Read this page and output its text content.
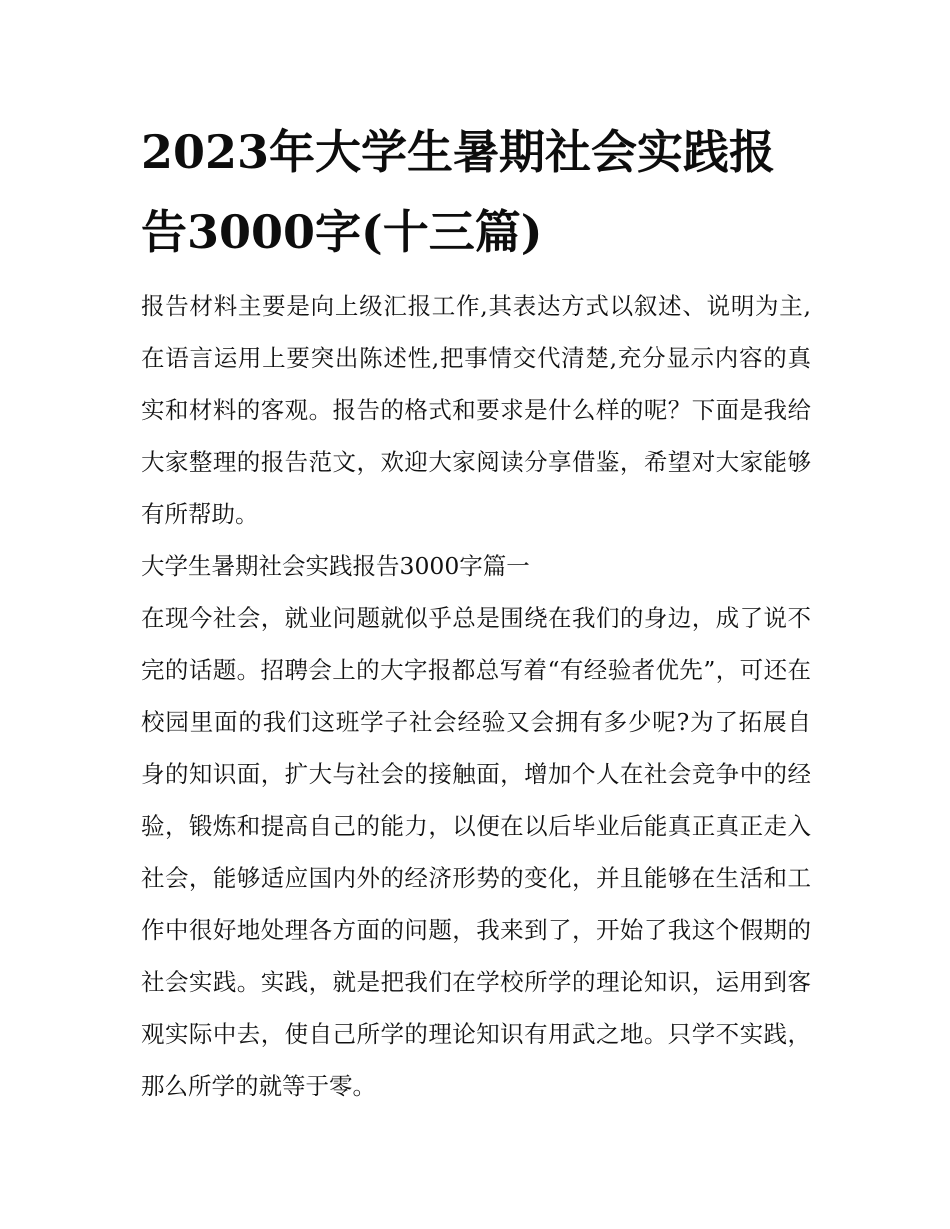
2023年大学生暑期社会实践报告3000字(十三篇)

报告材料主要是向上级汇报工作,其表达方式以叙述、说明为主,在语言运用上要突出陈述性,把事情交代清楚,充分显示内容的真实和材料的客观。报告的格式和要求是什么样的呢？下面是我给大家整理的报告范文，欢迎大家阅读分享借鉴，希望对大家能够有所帮助。

大学生暑期社会实践报告3000字篇一

在现今社会，就业问题就似乎总是围绕在我们的身边，成了说不完的话题。招聘会上的大字报都总写着“有经验者优先”，可还在校园里面的我们这班学子社会经验又会拥有多少呢?为了拓展自身的知识面，扩大与社会的接触面，增加个人在社会竞争中的经验，锻炼和提高自己的能力，以便在以后毕业后能真正真正走入社会，能够适应国内外的经济形势的变化，并且能够在生活和工作中很好地处理各方面的问题，我来到了，开始了我这个假期的社会实践。实践，就是把我们在学校所学的理论知识，运用到客观实际中去，使自己所学的理论知识有用武之地。只学不实践，那么所学的就等于零。
